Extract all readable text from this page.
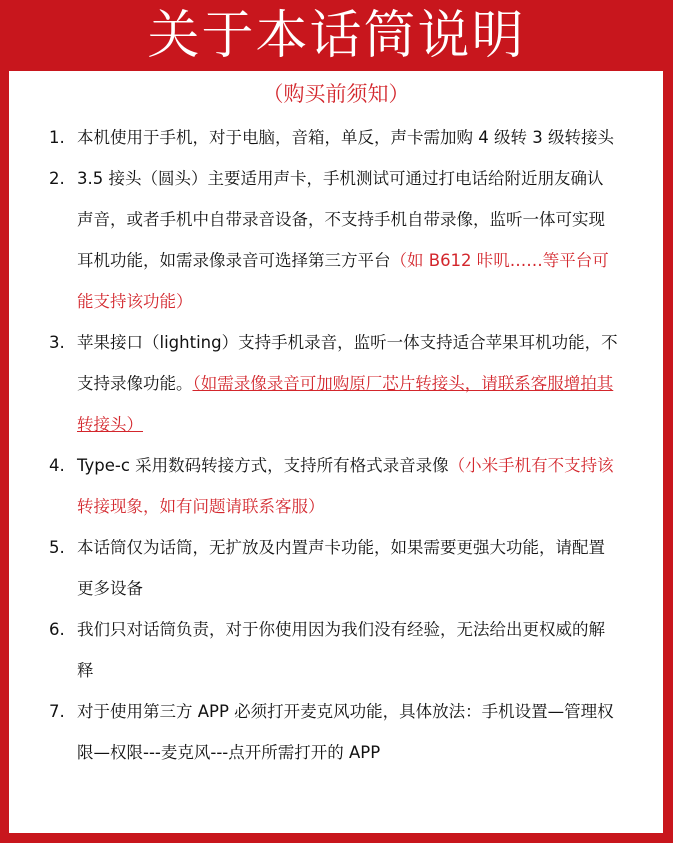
关于本话筒说明
（购买前须知）
1. 本机使用于手机，对于电脑，音箱，单反，声卡需加购 4 级转 3 级转接头
2. 3.5 接头（圆头）主要适用声卡，手机测试可通过打电话给附近朋友确认声音，或者手机中自带录音设备，不支持手机自带录像，监听一体可实现耳机功能，如需录像录音可选择第三方平台（如 B612 咔叽……等平台可能支持该功能）
3. 苹果接口（lighting）支持手机录音，监听一体支持适合苹果耳机功能，不支持录像功能。（如需录像录音可加购原厂芯片转接头，请联系客服增拍其转接头）
4. Type-c 采用数码转接方式，支持所有格式录音录像（小米手机有不支持该转接现象，如有问题请联系客服）
5. 本话筒仅为话筒，无扩放及内置声卡功能，如果需要更强大功能，请配置更多设备
6. 我们只对话筒负责，对于你使用因为我们没有经验，无法给出更权威的解释
7. 对于使用第三方 APP 必须打开麦克风功能，具体放法：手机设置—管理权限—权限---麦克风---点开所需打开的 APP
